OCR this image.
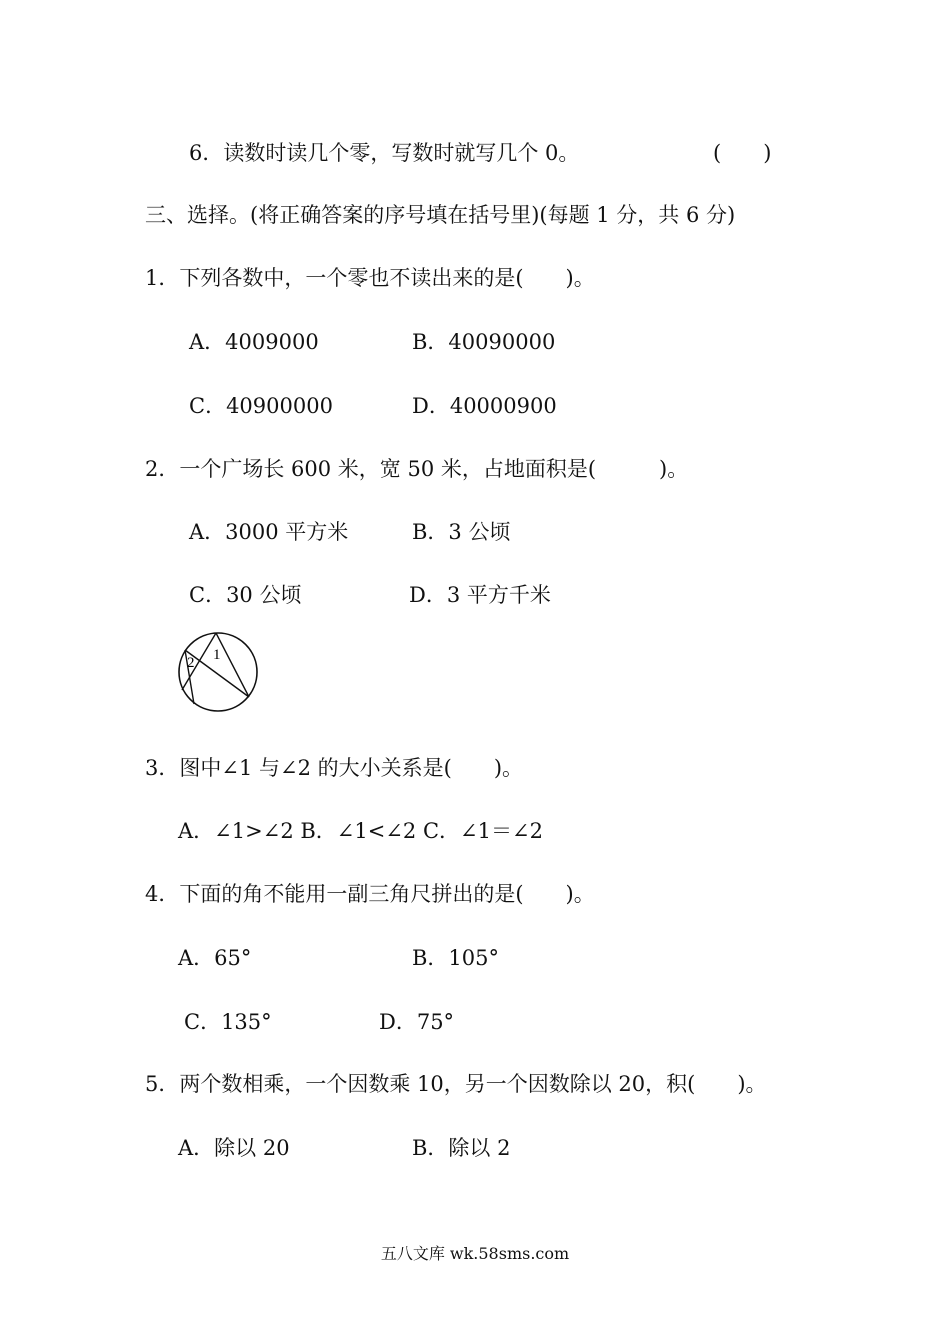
6．读数时读几个零，写数时就写几个 0。	(　　)
三、选择。(将正确答案的序号填在括号里)(每题 1 分，共 6 分)
1．下列各数中，一个零也不读出来的是(　　)。
A．4009000	B．40090000
C．40900000	D．40000900
2．一个广场长 600 米，宽 50 米，占地面积是(　　　)。
A．3000 平方米	B．3 公顷
C．30 公顷	D．3 平方千米
1
2
3．图中∠1 与∠2 的大小关系是(　　)。
A．∠1>∠2 B．∠1<∠2 C．∠1＝∠2
4．下面的角不能用一副三角尺拼出的是(　　)。
A．65°	B．105°
C．135°	D．75°
5．两个数相乘，一个因数乘 10，另一个因数除以 20，积(　　)。
A．除以 20	B．除以 2
五八文库 wk.58sms.com
